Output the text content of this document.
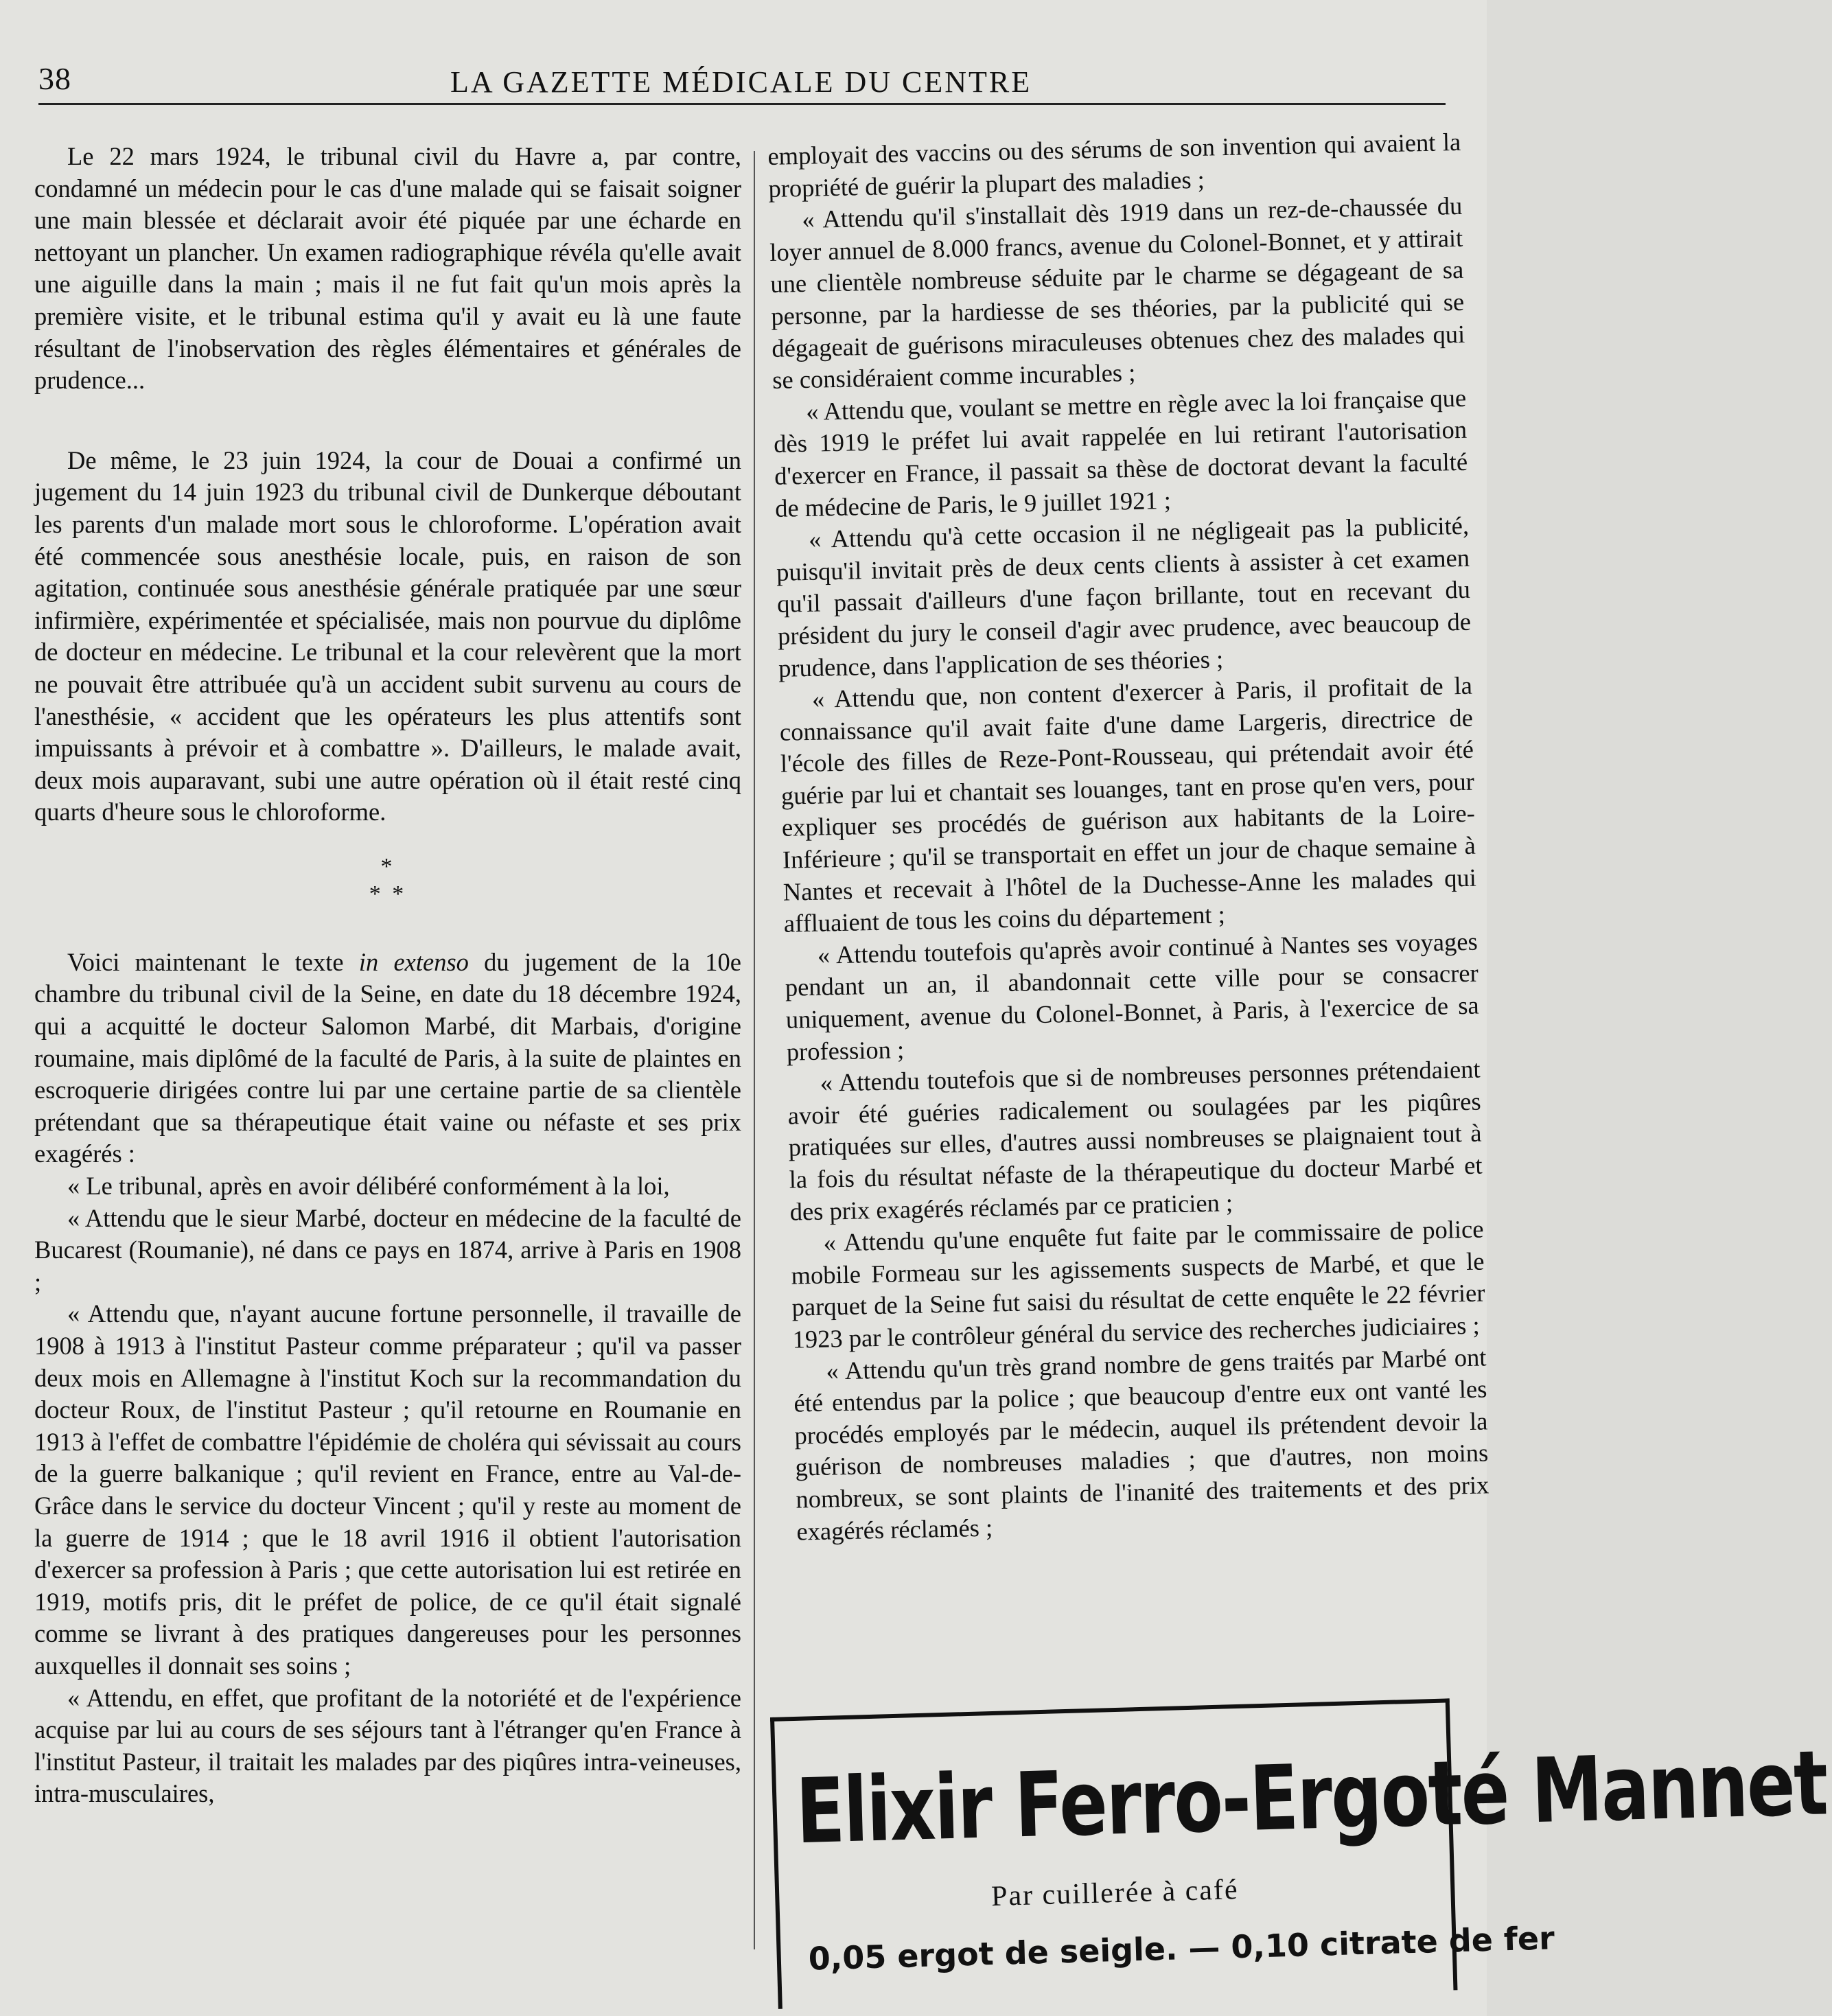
38	LA GAZETTE MÉDICALE DU CENTRE

Le 22 mars 1924, le tribunal civil du Havre a, par contre, condamné un médecin pour le cas d'une malade qui se faisait soigner une main blessée et déclarait avoir été piquée par une écharde en nettoyant un plancher. Un examen radiographique révéla qu'elle avait une aiguille dans la main ; mais il ne fut fait qu'un mois après la première visite, et le tribunal estima qu'il y avait eu là une faute résultant de l'inobservation des règles élémentaires et générales de prudence...

De même, le 23 juin 1924, la cour de Douai a confirmé un jugement du 14 juin 1923 du tribunal civil de Dunkerque déboutant les parents d'un malade mort sous le chloroforme. L'opération avait été commencée sous anesthésie locale, puis, en raison de son agitation, continuée sous anesthésie générale pratiquée par une sœur infirmière, expérimentée et spécialisée, mais non pourvue du diplôme de docteur en médecine. Le tribunal et la cour relevèrent que la mort ne pouvait être attribuée qu'à un accident subit survenu au cours de l'anesthésie, « accident que les opérateurs les plus attentifs sont impuissants à prévoir et à combattre ». D'ailleurs, le malade avait, deux mois auparavant, subi une autre opération où il était resté cinq quarts d'heure sous le chloroforme.

*
* *

Voici maintenant le texte in extenso du jugement de la 10e chambre du tribunal civil de la Seine, en date du 18 décembre 1924, qui a acquitté le docteur Salomon Marbé, dit Marbais, d'origine roumaine, mais diplômé de la faculté de Paris, à la suite de plaintes en escroquerie dirigées contre lui par une certaine partie de sa clientèle prétendant que sa thérapeutique était vaine ou néfaste et ses prix exagérés :

« Le tribunal, après en avoir délibéré conformément à la loi,

« Attendu que le sieur Marbé, docteur en médecine de la faculté de Bucarest (Roumanie), né dans ce pays en 1874, arrive à Paris en 1908 ;

« Attendu que, n'ayant aucune fortune personnelle, il travaille de 1908 à 1913 à l'institut Pasteur comme préparateur ; qu'il va passer deux mois en Allemagne à l'institut Koch sur la recommandation du docteur Roux, de l'institut Pasteur ; qu'il retourne en Roumanie en 1913 à l'effet de combattre l'épidémie de choléra qui sévissait au cours de la guerre balkanique ; qu'il revient en France, entre au Val-de-Grâce dans le service du docteur Vincent ; qu'il y reste au moment de la guerre de 1914 ; que le 18 avril 1916 il obtient l'autorisation d'exercer sa profession à Paris ; que cette autorisation lui est retirée en 1919, motifs pris, dit le préfet de police, de ce qu'il était signalé comme se livrant à des pratiques dangereuses pour les personnes auxquelles il donnait ses soins ;

« Attendu, en effet, que profitant de la notoriété et de l'expérience acquise par lui au cours de ses séjours tant à l'étranger qu'en France à l'institut Pasteur, il traitait les malades par des piqûres intra-veineuses, intra-musculaires,

employait des vaccins ou des sérums de son invention qui avaient la propriété de guérir la plupart des maladies ;

« Attendu qu'il s'installait dès 1919 dans un rez-de-chaussée du loyer annuel de 8.000 francs, avenue du Colonel-Bonnet, et y attirait une clientèle nombreuse séduite par le charme se dégageant de sa personne, par la hardiesse de ses théories, par la publicité qui se dégageait de guérisons miraculeuses obtenues chez des malades qui se considéraient comme incurables ;

« Attendu que, voulant se mettre en règle avec la loi française que dès 1919 le préfet lui avait rappelée en lui retirant l'autorisation d'exercer en France, il passait sa thèse de doctorat devant la faculté de médecine de Paris, le 9 juillet 1921 ;

« Attendu qu'à cette occasion il ne négligeait pas la publicité, puisqu'il invitait près de deux cents clients à assister à cet examen qu'il passait d'ailleurs d'une façon brillante, tout en recevant du président du jury le conseil d'agir avec prudence, avec beaucoup de prudence, dans l'application de ses théories ;

« Attendu que, non content d'exercer à Paris, il profitait de la connaissance qu'il avait faite d'une dame Largeris, directrice de l'école des filles de Reze-Pont-Rousseau, qui prétendait avoir été guérie par lui et chantait ses louanges, tant en prose qu'en vers, pour expliquer ses procédés de guérison aux habitants de la Loire-Inférieure ; qu'il se transportait en effet un jour de chaque semaine à Nantes et recevait à l'hôtel de la Duchesse-Anne les malades qui affluaient de tous les coins du département ;

« Attendu toutefois qu'après avoir continué à Nantes ses voyages pendant un an, il abandonnait cette ville pour se consacrer uniquement, avenue du Colonel-Bonnet, à Paris, à l'exercice de sa profession ;

« Attendu toutefois que si de nombreuses personnes prétendaient avoir été guéries radicalement ou soulagées par les piqûres pratiquées sur elles, d'autres aussi nombreuses se plaignaient tout à la fois du résultat néfaste de la thérapeutique du docteur Marbé et des prix exagérés réclamés par ce praticien ;

« Attendu qu'une enquête fut faite par le commissaire de police mobile Formeau sur les agissements suspects de Marbé, et que le parquet de la Seine fut saisi du résultat de cette enquête le 22 février 1923 par le contrôleur général du service des recherches judiciaires ;

« Attendu qu'un très grand nombre de gens traités par Marbé ont été entendus par la police ; que beaucoup d'entre eux ont vanté les procédés employés par le médecin, auquel ils prétendent devoir la guérison de nombreuses maladies ; que d'autres, non moins nombreux, se sont plaints de l'inanité des traitements et des prix exagérés réclamés ;

Elixir Ferro-Ergoté Mannet
Par cuillerée à café
0,05 ergot de seigle. — 0,10 citrate de fer
